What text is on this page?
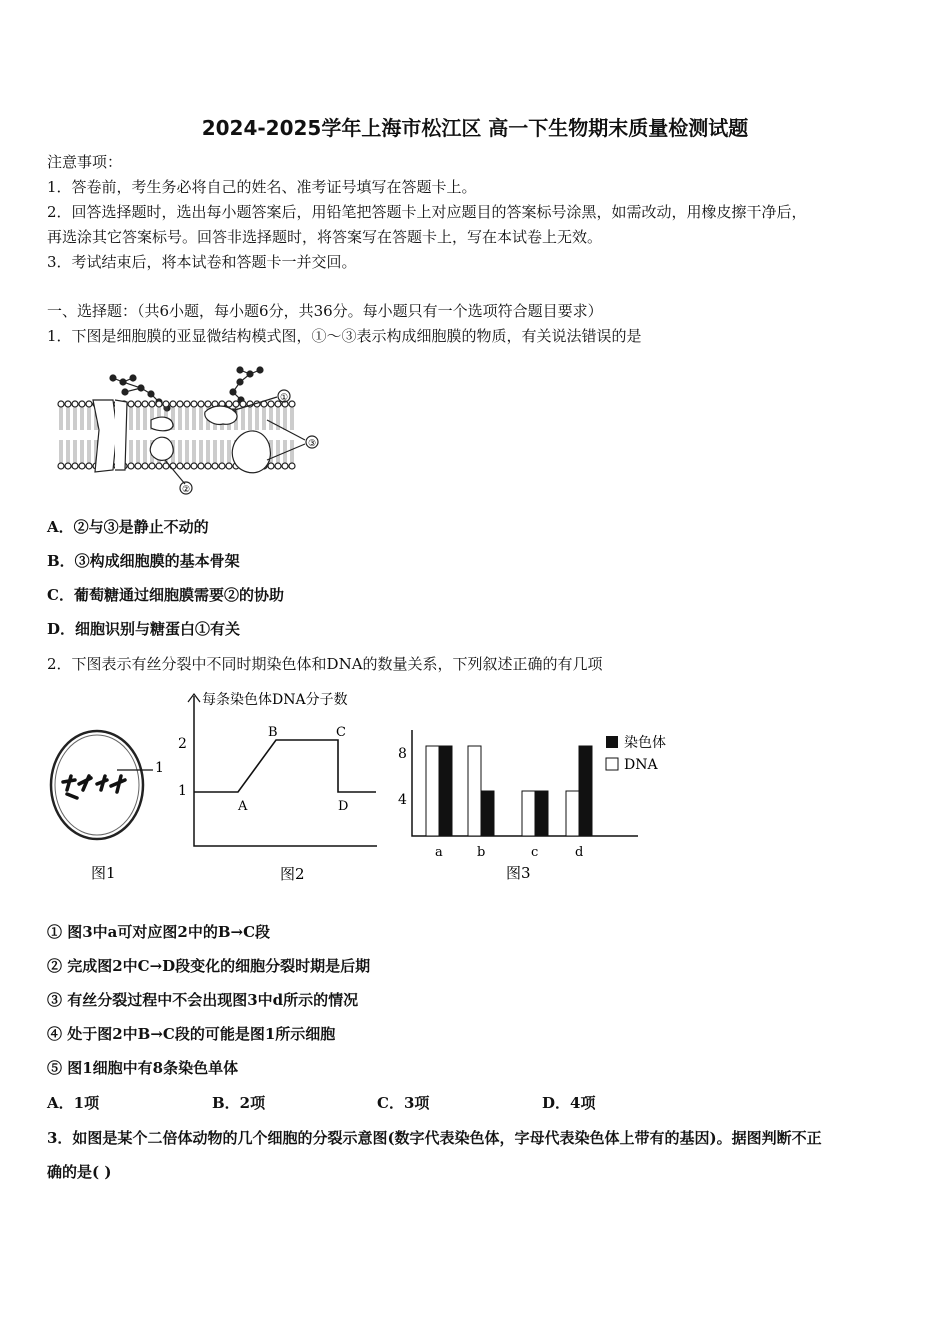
2024-2025学年上海市松江区 高一下生物期末质量检测试题
注意事项：
1．答卷前，考生务必将自己的姓名、准考证号填写在答题卡上。
2．回答选择题时，选出每小题答案后，用铅笔把答题卡上对应题目的答案标号涂黑，如需改动，用橡皮擦干净后，
再选涂其它答案标号。回答非选择题时，将答案写在答题卡上，写在本试卷上无效。
3．考试结束后，将本试卷和答题卡一并交回。
一、选择题：（共6小题，每小题6分，共36分。每小题只有一个选项符合题目要求）
1．下图是细胞膜的亚显微结构模式图，①～③表示构成细胞膜的物质，有关说法错误的是
①
③
②
A．②与③是静止不动的
B．③构成细胞膜的基本骨架
C．葡萄糖通过细胞膜需要②的协助
D．细胞识别与糖蛋白①有关
2．下图表示有丝分裂中不同时期染色体和DNA的数量关系，下列叙述正确的有几项
1
图1
每条染色体DNA分子数
2
1
A
B	C
D
图2
8
4
a	b	c	d
染色体
DNA
图3
① 图3中a可对应图2中的B→C段
② 完成图2中C→D段变化的细胞分裂时期是后期
③ 有丝分裂过程中不会出现图3中d所示的情况
④ 处于图2中B→C段的可能是图1所示细胞
⑤ 图1细胞中有8条染色单体
A．1项	B．2项	C．3项	D．4项
3．如图是某个二倍体动物的几个细胞的分裂示意图(数字代表染色体，字母代表染色体上带有的基因)。据图判断不正
确的是( )
